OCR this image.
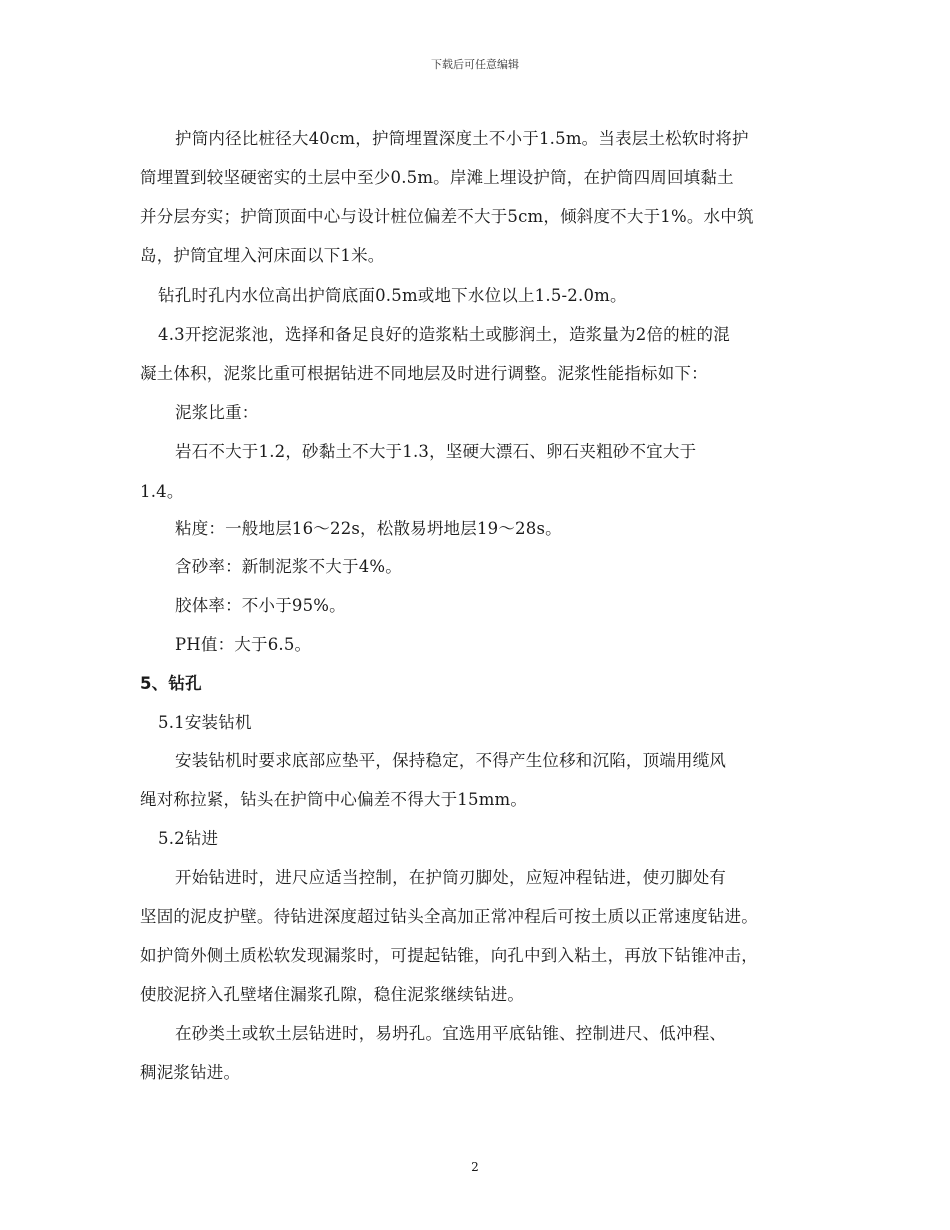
下载后可任意编辑
护筒内径比桩径大40cm，护筒埋置深度土不小于1.5m。当表层土松软时将护
筒埋置到较坚硬密实的土层中至少0.5m。岸滩上埋设护筒，在护筒四周回填黏土
并分层夯实；护筒顶面中心与设计桩位偏差不大于5cm，倾斜度不大于1%。水中筑
岛，护筒宜埋入河床面以下1米。
钻孔时孔内水位高出护筒底面0.5m或地下水位以上1.5-2.0m。
4.3开挖泥浆池，选择和备足良好的造浆粘土或膨润土，造浆量为2倍的桩的混
凝土体积，泥浆比重可根据钻进不同地层及时进行调整。泥浆性能指标如下：
泥浆比重：
岩石不大于1.2，砂黏土不大于1.3，坚硬大漂石、卵石夹粗砂不宜大于
1.4。
粘度：一般地层16～22s，松散易坍地层19～28s。
含砂率：新制泥浆不大于4%。
胶体率：不小于95%。
PH值：大于6.5。
5、钻孔
5.1安装钻机
安装钻机时要求底部应垫平，保持稳定，不得产生位移和沉陷，顶端用缆风
绳对称拉紧，钻头在护筒中心偏差不得大于15mm。
5.2钻进
开始钻进时，进尺应适当控制，在护筒刃脚处，应短冲程钻进，使刃脚处有
坚固的泥皮护壁。待钻进深度超过钻头全高加正常冲程后可按土质以正常速度钻进。
如护筒外侧土质松软发现漏浆时，可提起钻锥，向孔中到入粘土，再放下钻锥冲击，
使胶泥挤入孔壁堵住漏浆孔隙，稳住泥浆继续钻进。
在砂类土或软土层钻进时，易坍孔。宜选用平底钻锥、控制进尺、低冲程、
稠泥浆钻进。
2
